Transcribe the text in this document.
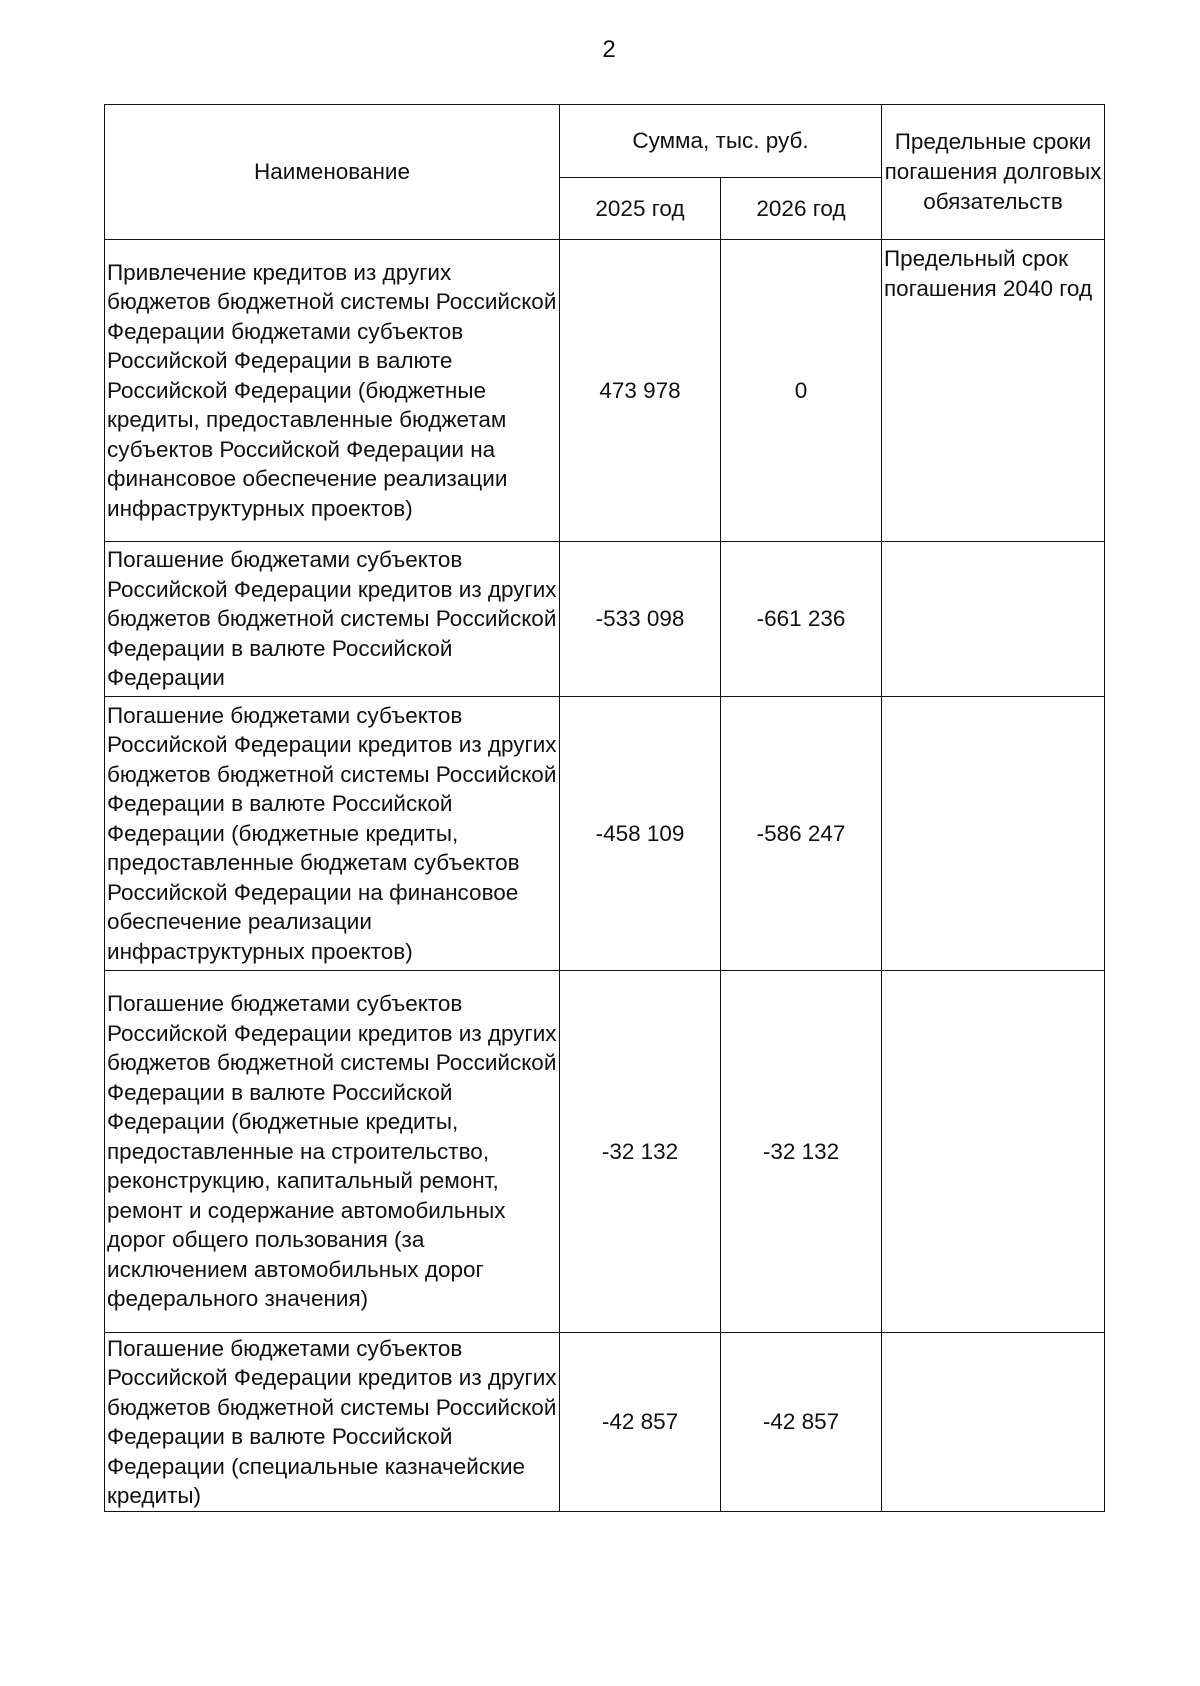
2
Наименование	Сумма, тыс. руб.		Предельные сроки погашения долговых обязательств
	2025 год	2026 год	
Привлечение кредитов из других бюджетов бюджетной системы Российской Федерации бюджетами субъектов Российской Федерации в валюте Российской Федерации (бюджетные кредиты, предоставленные бюджетам субъектов Российской Федерации на финансовое обеспечение реализации инфраструктурных проектов)	473 978	0	Предельный срок погашения 2040 год
Погашение бюджетами субъектов Российской Федерации кредитов из других бюджетов бюджетной системы Российской Федерации в валюте Российской Федерации	-533 098	-661 236	
Погашение бюджетами субъектов Российской Федерации кредитов из других бюджетов бюджетной системы Российской Федерации в валюте Российской Федерации (бюджетные кредиты, предоставленные бюджетам субъектов Российской Федерации на финансовое обеспечение реализации инфраструктурных проектов)	-458 109	-586 247	
Погашение бюджетами субъектов Российской Федерации кредитов из других бюджетов бюджетной системы Российской Федерации в валюте Российской Федерации (бюджетные кредиты, предоставленные на строительство, реконструкцию, капитальный ремонт, ремонт и содержание автомобильных дорог общего пользования (за исключением автомобильных дорог федерального значения)	-32 132	-32 132	
Погашение бюджетами субъектов Российской Федерации кредитов из других бюджетов бюджетной системы Российской Федерации в валюте Российской Федерации (специальные казначейские кредиты)	-42 857	-42 857	
